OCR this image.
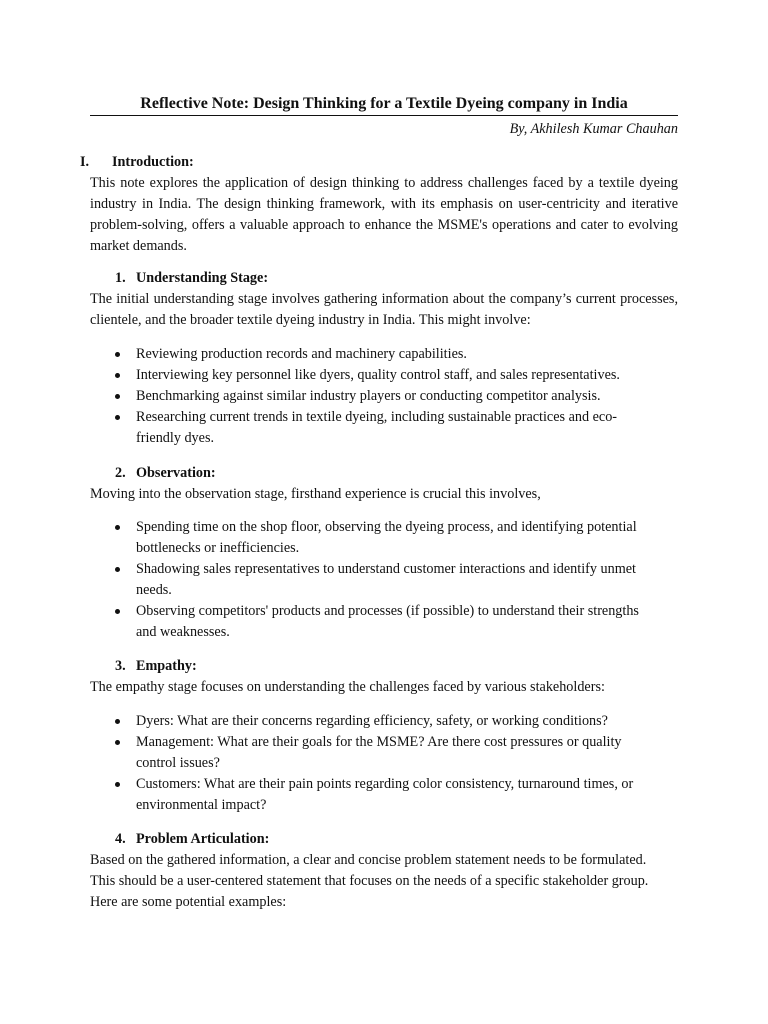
Reflective Note: Design Thinking for a Textile Dyeing company in India
By, Akhilesh Kumar Chauhan
I. Introduction:

This note explores the application of design thinking to address challenges faced by a textile dyeing industry in India. The design thinking framework, with its emphasis on user-centricity and iterative problem-solving, offers a valuable approach to enhance the MSME's operations and cater to evolving market demands.

1. Understanding Stage:

The initial understanding stage involves gathering information about the company’s current processes, clientele, and the broader textile dyeing industry in India. This might involve:

Reviewing production records and machinery capabilities.
Interviewing key personnel like dyers, quality control staff, and sales representatives.
Benchmarking against similar industry players or conducting competitor analysis.
Researching current trends in textile dyeing, including sustainable practices and eco-friendly dyes.
2. Observation:

Moving into the observation stage, firsthand experience is crucial this involves,

Spending time on the shop floor, observing the dyeing process, and identifying potential bottlenecks or inefficiencies.
Shadowing sales representatives to understand customer interactions and identify unmet needs.
Observing competitors' products and processes (if possible) to understand their strengths and weaknesses.
3. Empathy:

The empathy stage focuses on understanding the challenges faced by various stakeholders:

Dyers: What are their concerns regarding efficiency, safety, or working conditions?
Management: What are their goals for the MSME? Are there cost pressures or quality control issues?
Customers: What are their pain points regarding color consistency, turnaround times, or environmental impact?
4. Problem Articulation:

Based on the gathered information, a clear and concise problem statement needs to be formulated. This should be a user-centered statement that focuses on the needs of a specific stakeholder group. Here are some potential examples:
